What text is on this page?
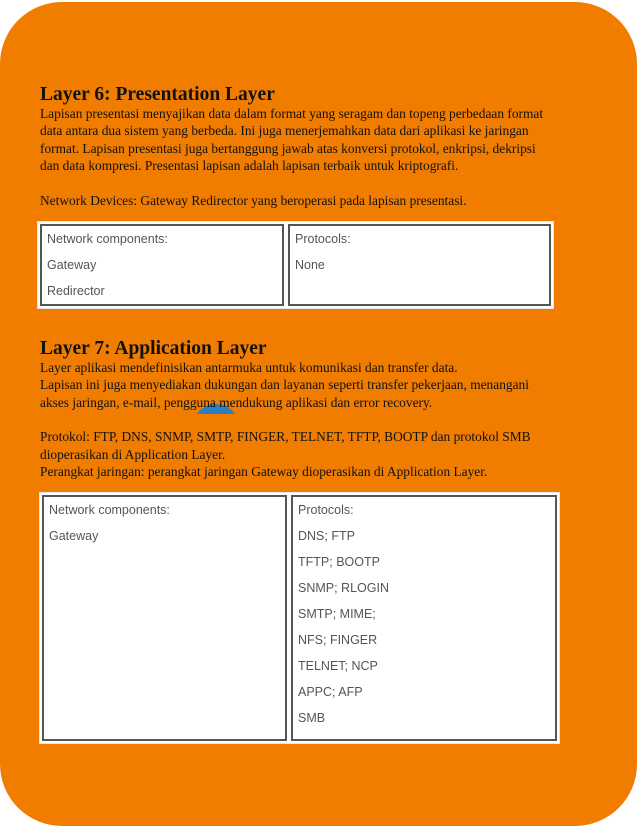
Layer 6: Presentation Layer

Lapisan presentasi menyajikan data dalam format yang seragam dan topeng perbedaan format

data antara dua sistem yang berbeda. Ini juga menerjemahkan data dari aplikasi ke jaringan

format. Lapisan presentasi juga bertanggung jawab atas konversi protokol, enkripsi, dekripsi

dan data kompresi. Presentasi lapisan adalah lapisan terbaik untuk kriptografi.

Network Devices: Gateway Redirector yang beroperasi pada lapisan presentasi.

Network components:
Gateway
Redirector
Protocols:
None
Layer 7: Application Layer

Layer aplikasi mendefinisikan antarmuka untuk komunikasi dan transfer data.

Lapisan ini juga menyediakan dukungan dan layanan seperti transfer pekerjaan, menangani

akses jaringan, e-mail, pengguna mendukung aplikasi dan error recovery.

Protokol: FTP, DNS, SNMP, SMTP, FINGER, TELNET, TFTP, BOOTP dan protokol SMB

dioperasikan di Application Layer.

Perangkat jaringan: perangkat jaringan Gateway dioperasikan di Application Layer.

Network components:
Gateway
Protocols:
DNS; FTP
TFTP; BOOTP
SNMP; RLOGIN
SMTP; MIME;
NFS; FINGER
TELNET; NCP
APPC; AFP
SMB
